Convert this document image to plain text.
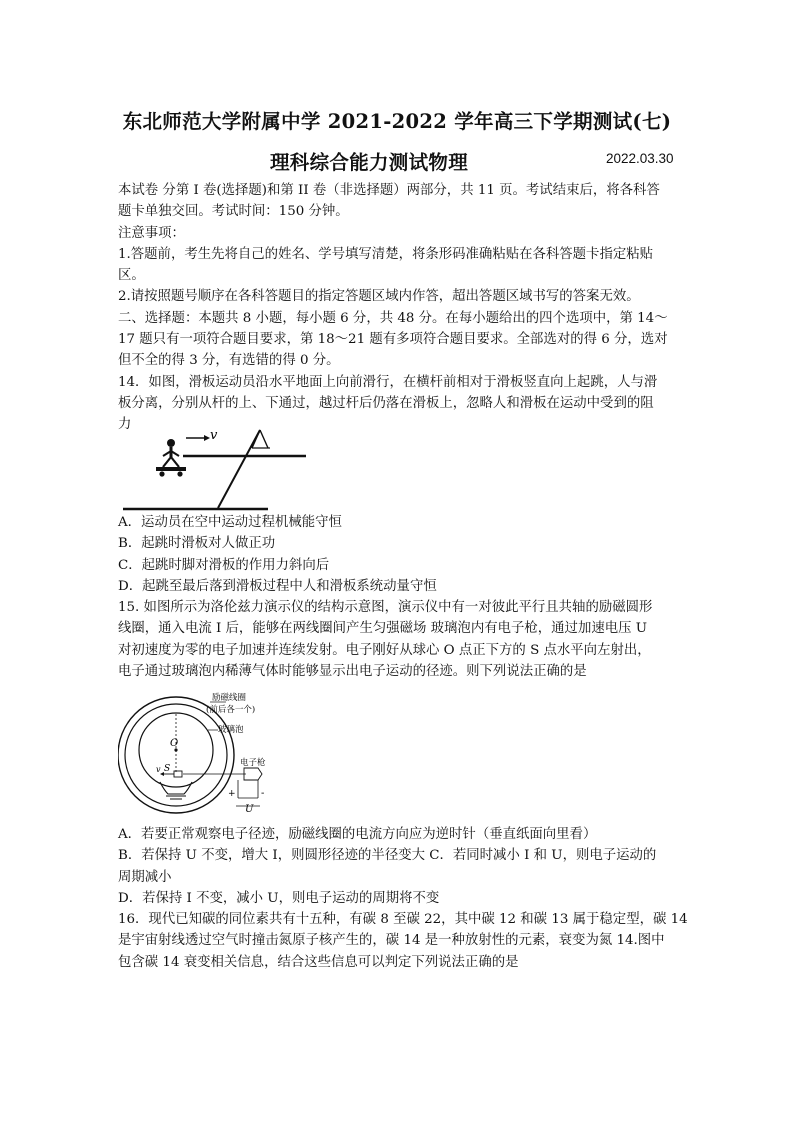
东北师范大学附属中学 2021-2022 学年高三下学期测试(七)
理科综合能力测试物理	2022.03.30
本试卷 分第 I 卷(选择题)和第 II 卷（非选择题）两部分，共 11 页。考试结束后，将各科答
题卡单独交回。考试时间：150 分钟。
注意事项：
1.答题前，考生先将自己的姓名、学号填写清楚，将条形码准确粘贴在各科答题卡指定粘贴
区。
2.请按照题号顺序在各科答题目的指定答题区域内作答，超出答题区域书写的答案无效。
二、选择题：本题共 8 小题，每小题 6 分，共 48 分。在每小题给出的四个选项中，第 14～
17 题只有一项符合题目要求，第 18～21 题有多项符合题目要求。全部选对的得 6 分，选对
但不全的得 3 分，有选错的得 0 分。
14．如图，滑板运动员沿水平地面上向前滑行，在横杆前相对于滑板竖直向上起跳，人与滑
板分离，分别从杆的上、下通过，越过杆后仍落在滑板上，忽略人和滑板在运动中受到的阻
力
v
A．运动员在空中运动过程机械能守恒
B．起跳时滑板对人做正功
C．起跳时脚对滑板的作用力斜向后
D．起跳至最后落到滑板过程中人和滑板系统动量守恒
15. 如图所示为洛伦兹力演示仪的结构示意图，演示仪中有一对彼此平行且共轴的励磁圆形
线圈，通入电流 I 后，能够在两线圈间产生匀强磁场 玻璃泡内有电子枪，通过加速电压 U
对初速度为零的电子加速并连续发射。电子刚好从球心 O 点正下方的 S 点水平向左射出，
电子通过玻璃泡内稀薄气体时能够显示出电子运动的径迹。则下列说法正确的是
O
v S
励磁线圈
(前后各一个)
玻璃泡
电子枪
+	-
U
A．若要正常观察电子径迹，励磁线圈的电流方向应为逆时针（垂直纸面向里看）
B．若保持 U 不变，增大 I，则圆形径迹的半径变大 C．若同时减小 I 和 U，则电子运动的
周期减小
D．若保持 I 不变，减小 U，则电子运动的周期将不变
16．现代已知碳的同位素共有十五种，有碳 8 至碳 22，其中碳 12 和碳 13 属于稳定型，碳 14
是宇宙射线透过空气时撞击氮原子核产生的，碳 14 是一种放射性的元素，衰变为氮 14.图中
包含碳 14 衰变相关信息，结合这些信息可以判定下列说法正确的是
